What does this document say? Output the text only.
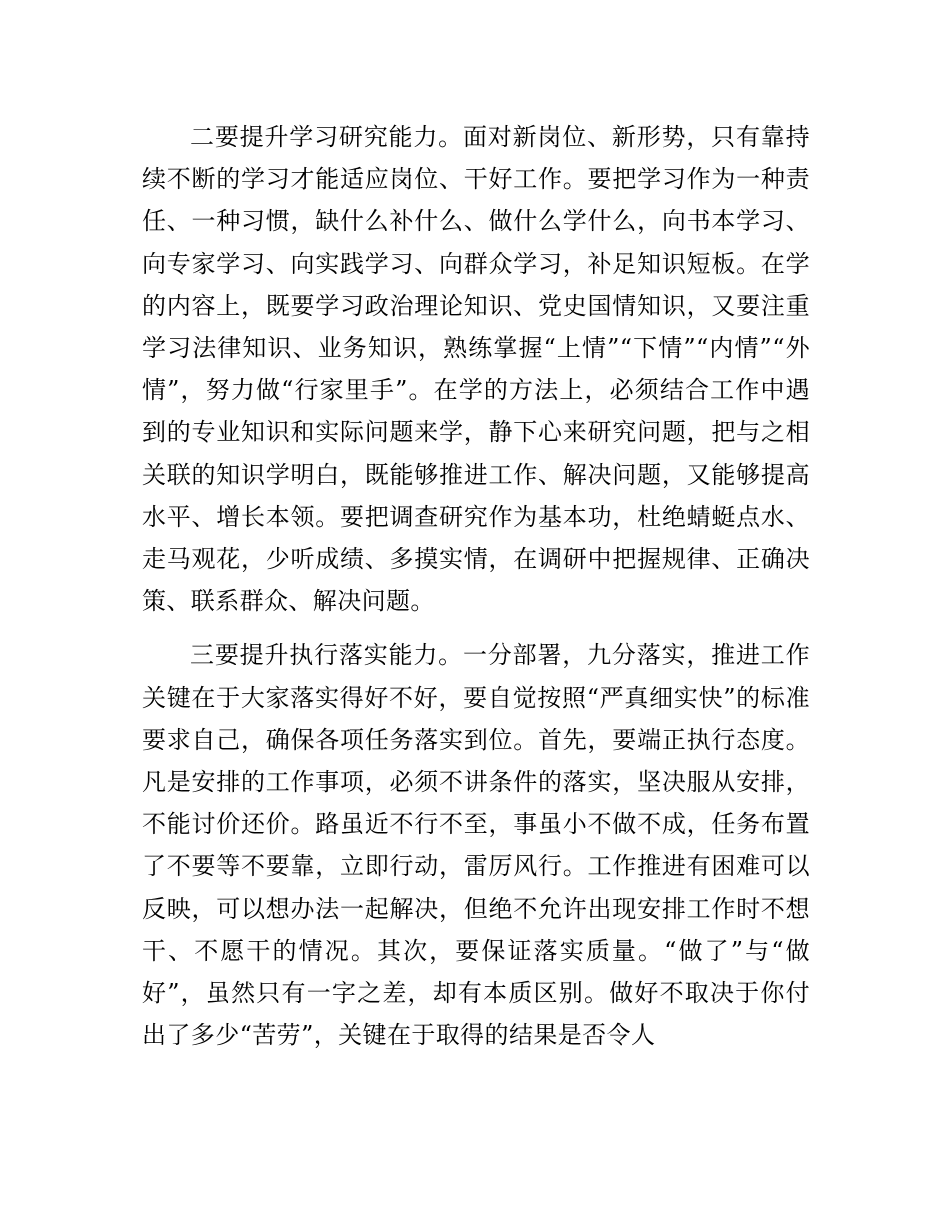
二要提升学习研究能力。面对新岗位、新形势，只有靠持续不断的学习才能适应岗位、干好工作。要把学习作为一种责任、一种习惯，缺什么补什么、做什么学什么，向书本学习、向专家学习、向实践学习、向群众学习，补足知识短板。在学的内容上，既要学习政治理论知识、党史国情知识，又要注重学习法律知识、业务知识，熟练掌握“上情”“下情”“内情”“外情”，努力做“行家里手”。在学的方法上，必须结合工作中遇到的专业知识和实际问题来学，静下心来研究问题，把与之相关联的知识学明白，既能够推进工作、解决问题，又能够提高水平、增长本领。要把调查研究作为基本功，杜绝蜻蜓点水、走马观花，少听成绩、多摸实情，在调研中把握规律、正确决策、联系群众、解决问题。

三要提升执行落实能力。一分部署，九分落实，推进工作关键在于大家落实得好不好，要自觉按照“严真细实快”的标准要求自己，确保各项任务落实到位。首先，要端正执行态度。凡是安排的工作事项，必须不讲条件的落实，坚决服从安排，不能讨价还价。路虽近不行不至，事虽小不做不成，任务布置了不要等不要靠，立即行动，雷厉风行。工作推进有困难可以反映，可以想办法一起解决，但绝不允许出现安排工作时不想干、不愿干的情况。其次，要保证落实质量。“做了”与“做好”，虽然只有一字之差，却有本质区别。做好不取决于你付出了多少“苦劳”，关键在于取得的结果是否令人
